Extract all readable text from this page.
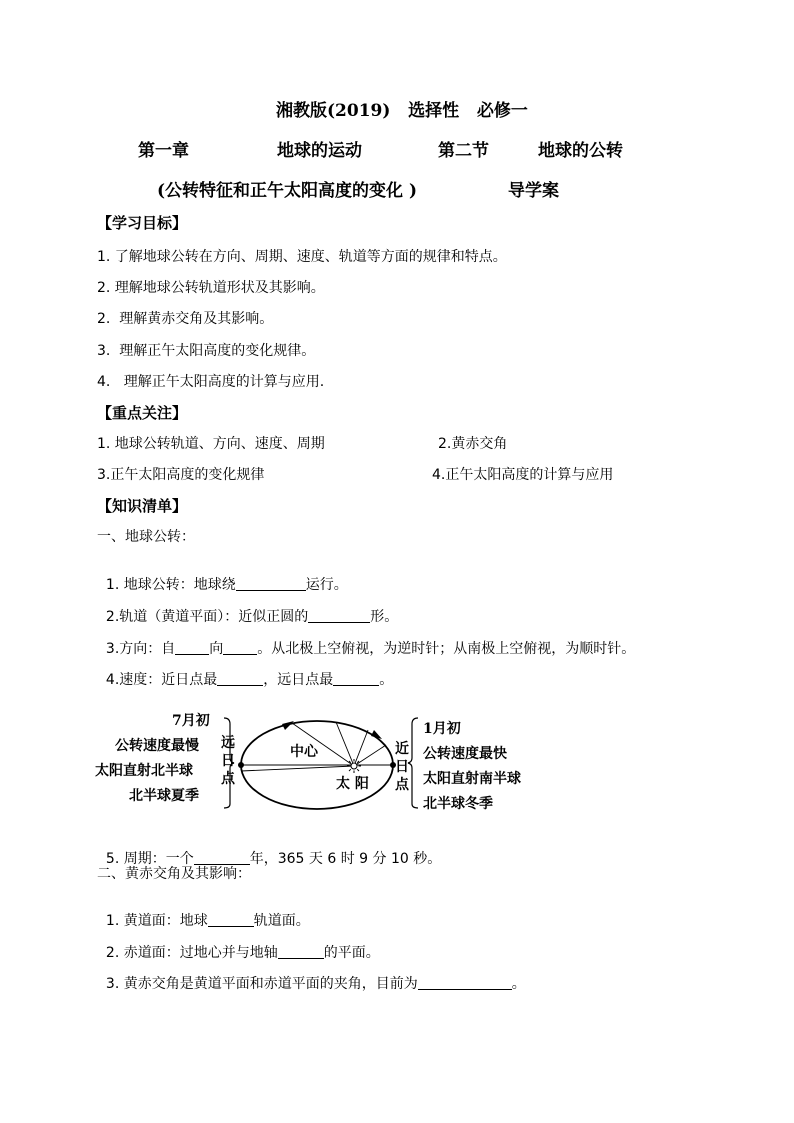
湘教版(2019)   选择性   必修一
第一章	地球的运动	第二节	地球的公转
(公转特征和正午太阳高度的变化 )	导学案
【学习目标】
1. 了解地球公转在方向、周期、速度、轨道等方面的规律和特点。
2. 理解地球公转轨道形状及其影响。
2.  理解黄赤交角及其影响。
3.  理解正午太阳高度的变化规律。
4.   理解正午太阳高度的计算与应用.
【重点关注】
1. 地球公转轨道、方向、速度、周期	2.黄赤交角
3.正午太阳高度的变化规律	4.正午太阳高度的计算与应用
【知识清单】
一、地球公转：

1. 地球公转：地球绕	运行。

2.轨道（黄道平面）：近似正圆的	形。

3.方向：自 向 。从北极上空俯视，为逆时针；从南极上空俯视，为顺时针。

4.速度：近日点最	，远日点最	。

7月初
公转速度最慢
太阳直射北半球
北半球夏季
远
日
点
中心
太 阳
近
日
点
1月初
公转速度最快
太阳直射南半球
北半球冬季

5. 周期：一个	年，365 天 6 时 9 分 10 秒。

二、黄赤交角及其影响：

1. 黄道面：地球	轨道面。

2. 赤道面：过地心并与地轴	的平面。

3. 黄赤交角是黄道平面和赤道平面的夹角，目前为	。
